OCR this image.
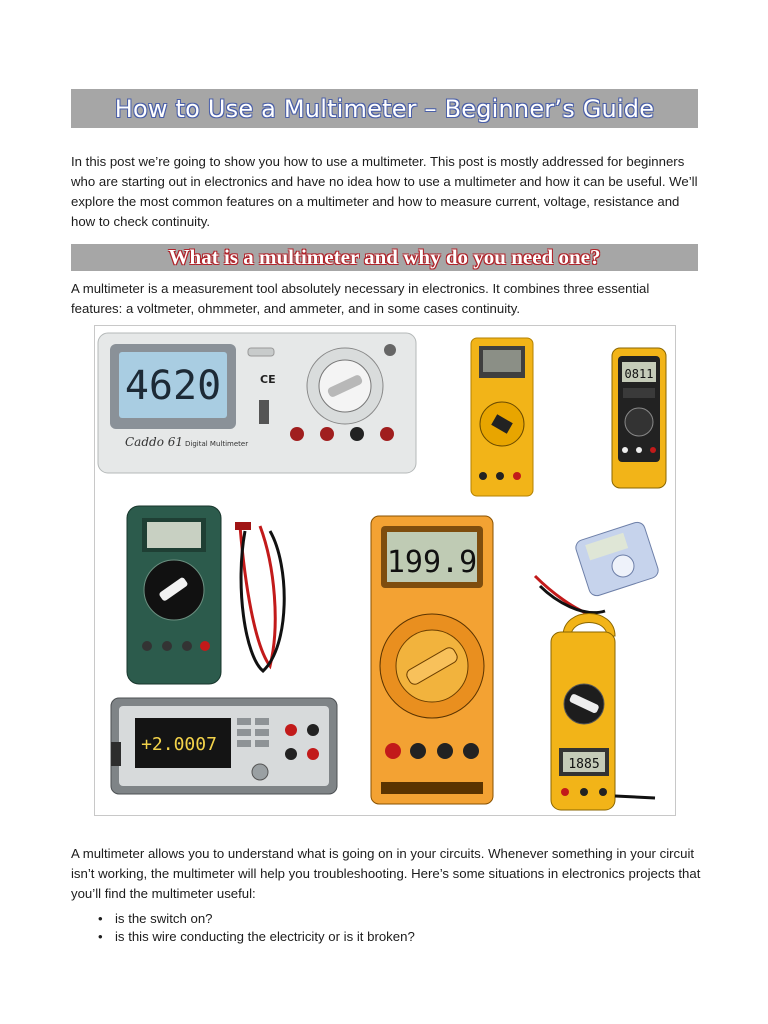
How to Use a Multimeter – Beginner’s Guide

In this post we’re going to show you how to use a multimeter. This post is mostly addressed for beginners who are starting out in electronics and have no idea how to use a multimeter and how it can be useful. We’ll explore the most common features on a multimeter and how to measure current, voltage, resistance and how to check continuity.

What is a multimeter and why do you need one?

A multimeter is a measurement tool absolutely necessary in electronics. It combines three essential features: a voltmeter, ohmmeter, and ammeter, and in some cases continuity.

4620
Caddo 61 Digital Multimeter
CE	0811
199.9
+2.0007
1885

A multimeter allows you to understand what is going on in your circuits. Whenever something in your circuit isn’t working, the multimeter will help you troubleshooting. Here’s some situations in electronics projects that you’ll find the multimeter useful:

• is the switch on?
• is this wire conducting the electricity or is it broken?
